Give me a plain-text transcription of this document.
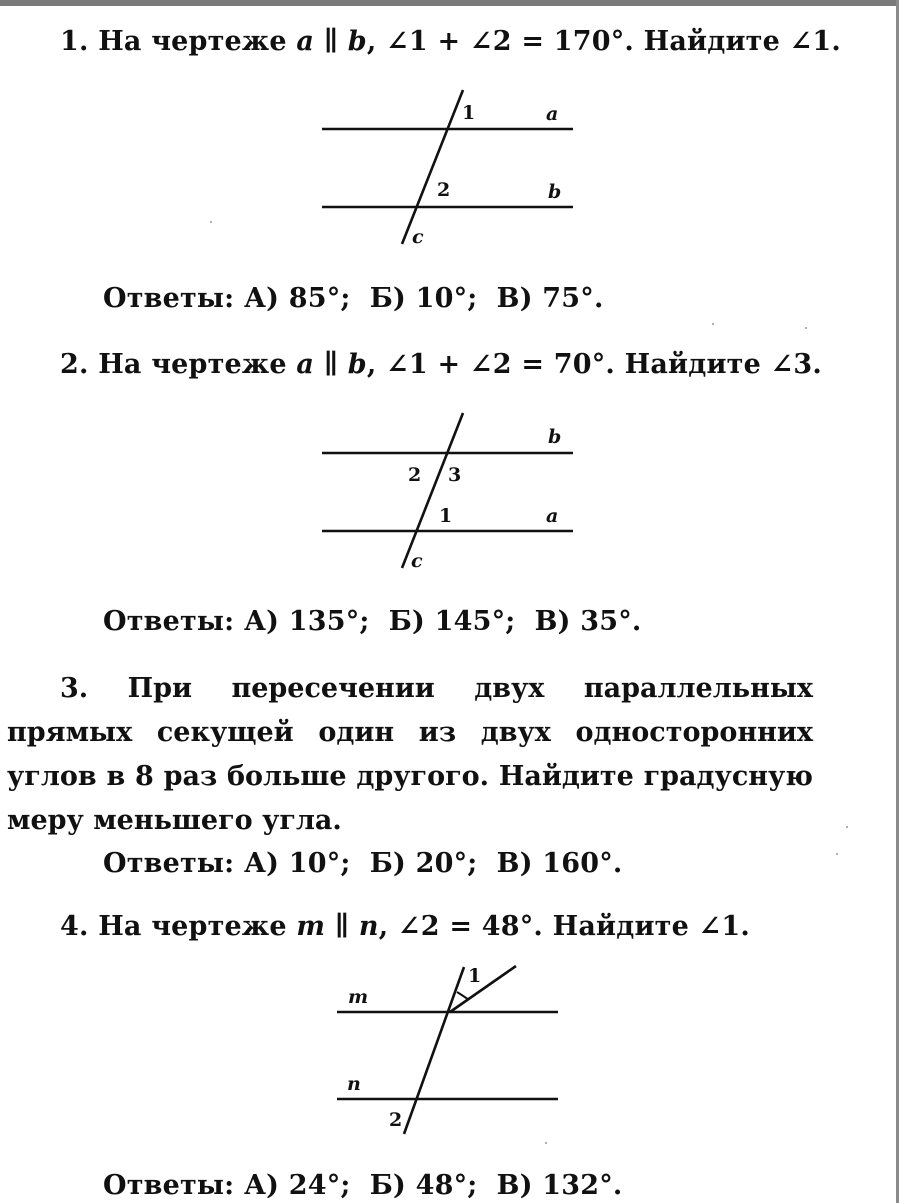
1. На чертеже a ∥ b, ∠1 + ∠2 = 170°. Найдите ∠1.
1
2
a
b
c
Ответы: А) 85°; Б) 10°; В) 75°.
2. На чертеже a ∥ b, ∠1 + ∠2 = 70°. Найдите ∠3.
2 3
1
b
a
c
Ответы: А) 135°; Б) 145°; В) 35°.
3. При пересечении двух параллельных прямых секущей один из двух односторонних углов в 8 раз больше другого. Найдите градусную меру меньшего угла.
Ответы: А) 10°; Б) 20°; В) 160°.
4. На чертеже m ∥ n, ∠2 = 48°. Найдите ∠1.
1
2
m
n
Ответы: А) 24°; Б) 48°; В) 132°.
